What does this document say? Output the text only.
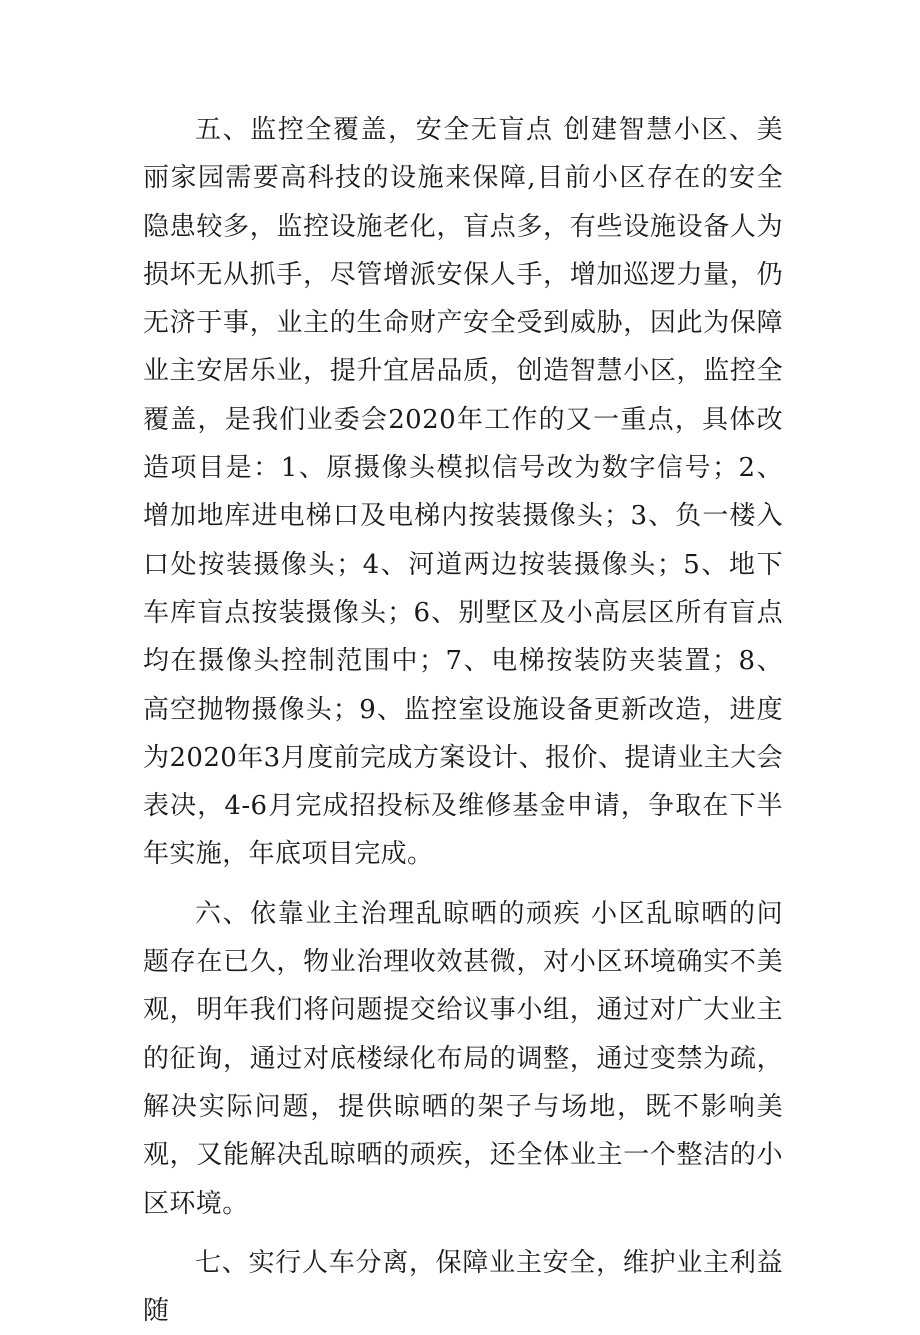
五、监控全覆盖，安全无盲点 创建智慧小区、美丽家园需要高科技的设施来保障,目前小区存在的安全隐患较多，监控设施老化，盲点多，有些设施设备人为损坏无从抓手，尽管增派安保人手，增加巡逻力量，仍无济于事，业主的生命财产安全受到威胁，因此为保障业主安居乐业，提升宜居品质，创造智慧小区，监控全覆盖，是我们业委会2020年工作的又一重点，具体改造项目是：1、原摄像头模拟信号改为数字信号；2、增加地库进电梯口及电梯内按装摄像头；3、负一楼入口处按装摄像头；4、河道两边按装摄像头；5、地下车库盲点按装摄像头；6、别墅区及小高层区所有盲点均在摄像头控制范围中；7、电梯按装防夹装置；8、高空抛物摄像头；9、监控室设施设备更新改造，进度为2020年3月度前完成方案设计、报价、提请业主大会表决，4-6月完成招投标及维修基金申请，争取在下半年实施，年底项目完成。

六、依靠业主治理乱晾晒的顽疾 小区乱晾晒的问题存在已久，物业治理收效甚微，对小区环境确实不美观，明年我们将问题提交给议事小组，通过对广大业主的征询，通过对底楼绿化布局的调整，通过变禁为疏，解决实际问题，提供晾晒的架子与场地，既不影响美观，又能解决乱晾晒的顽疾，还全体业主一个整洁的小区环境。

七、实行人车分离，保障业主安全，维护业主利益 随
